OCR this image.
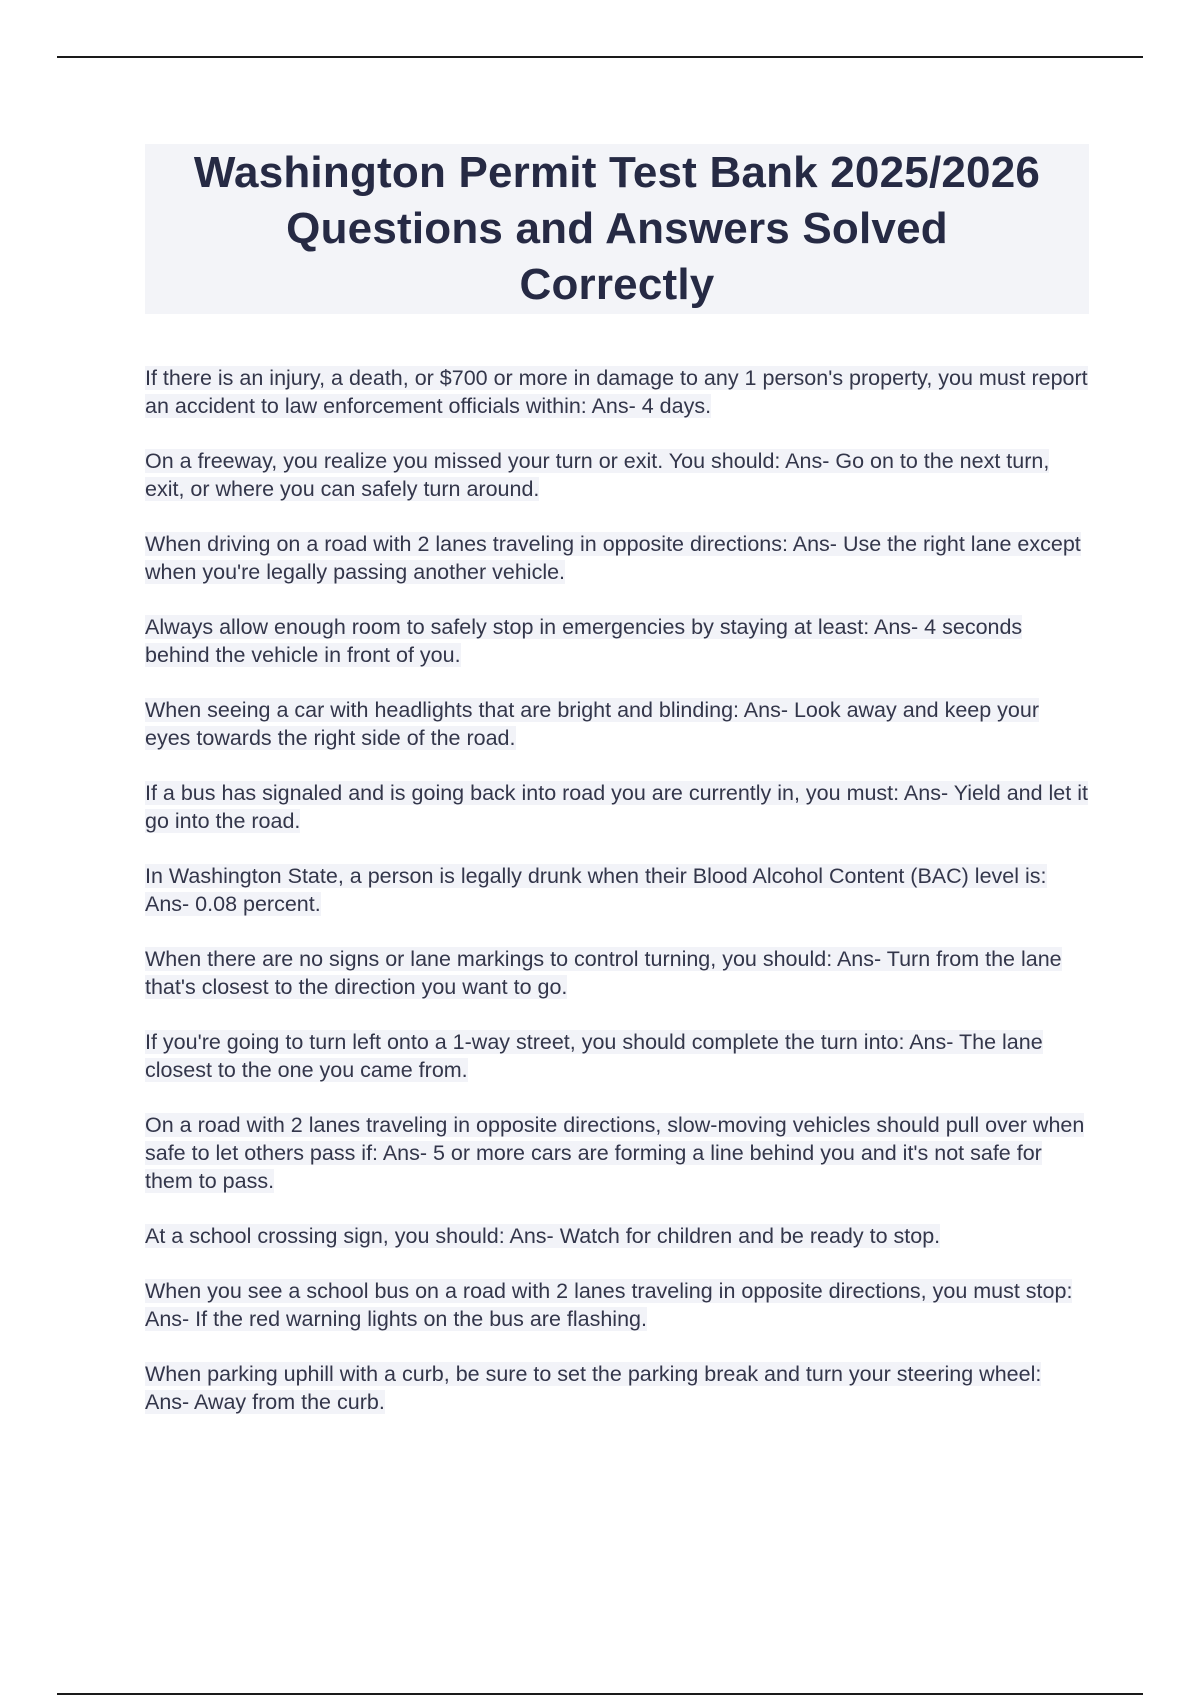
Washington Permit Test Bank 2025/2026
Questions and Answers Solved
Correctly
If there is an injury, a death, or $700 or more in damage to any 1 person's property, you must report an accident to law enforcement officials within: Ans- 4 days.
On a freeway, you realize you missed your turn or exit. You should: Ans- Go on to the next turn, exit, or where you can safely turn around.
When driving on a road with 2 lanes traveling in opposite directions: Ans- Use the right lane except when you're legally passing another vehicle.
Always allow enough room to safely stop in emergencies by staying at least: Ans- 4 seconds behind the vehicle in front of you.
When seeing a car with headlights that are bright and blinding: Ans- Look away and keep your eyes towards the right side of the road.
If a bus has signaled and is going back into road you are currently in, you must: Ans- Yield and let it go into the road.
In Washington State, a person is legally drunk when their Blood Alcohol Content (BAC) level is: Ans- 0.08 percent.
When there are no signs or lane markings to control turning, you should: Ans- Turn from the lane that's closest to the direction you want to go.
If you're going to turn left onto a 1-way street, you should complete the turn into: Ans- The lane closest to the one you came from.
On a road with 2 lanes traveling in opposite directions, slow-moving vehicles should pull over when safe to let others pass if: Ans- 5 or more cars are forming a line behind you and it's not safe for them to pass.
At a school crossing sign, you should: Ans- Watch for children and be ready to stop.
When you see a school bus on a road with 2 lanes traveling in opposite directions, you must stop: Ans- If the red warning lights on the bus are flashing.
When parking uphill with a curb, be sure to set the parking break and turn your steering wheel: Ans- Away from the curb.
